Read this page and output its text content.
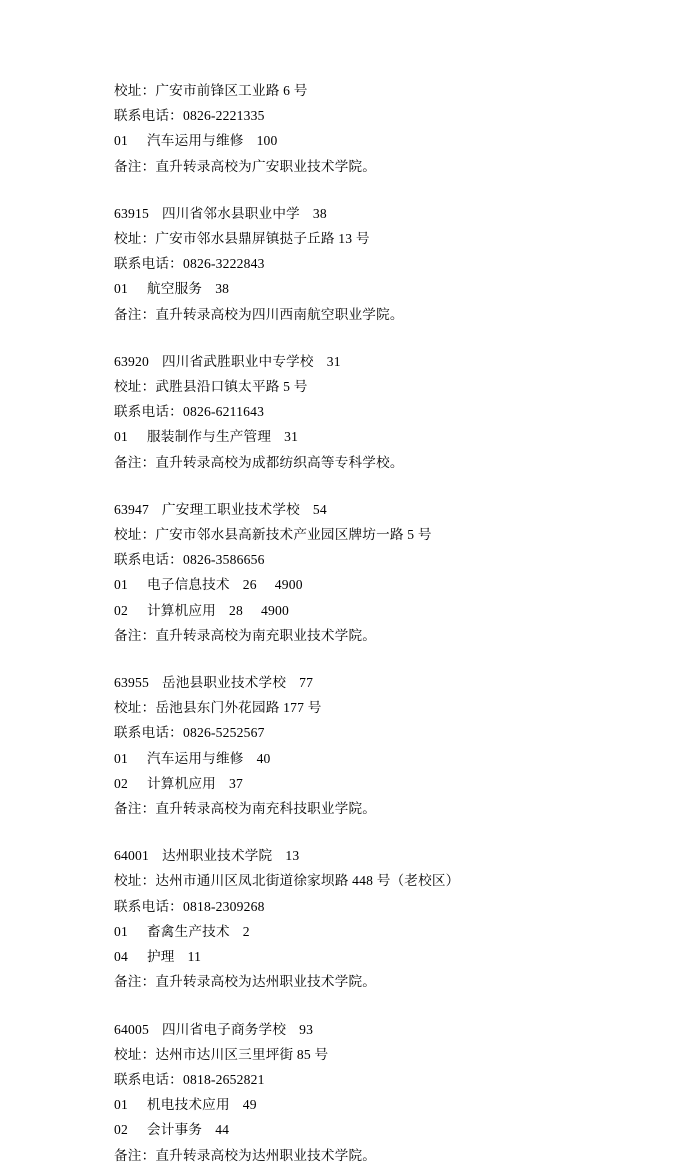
校址：广安市前锋区工业路 6 号
联系电话：0826-2221335
01 汽车运用与维修 100
备注：直升转录高校为广安职业技术学院。
63915 四川省邻水县职业中学 38
校址：广安市邻水县鼎屏镇挞子丘路 13 号
联系电话：0826-3222843
01 航空服务 38
备注：直升转录高校为四川西南航空职业学院。
63920 四川省武胜职业中专学校 31
校址：武胜县沿口镇太平路 5 号
联系电话：0826-6211643
01 服装制作与生产管理 31
备注：直升转录高校为成都纺织高等专科学校。
63947 广安理工职业技术学校 54
校址：广安市邻水县高新技术产业园区牌坊一路 5 号
联系电话：0826-3586656
01 电子信息技术 26 4900
02 计算机应用 28 4900
备注：直升转录高校为南充职业技术学院。
63955 岳池县职业技术学校 77
校址：岳池县东门外花园路 177 号
联系电话：0826-5252567
01 汽车运用与维修 40
02 计算机应用 37
备注：直升转录高校为南充科技职业学院。
64001 达州职业技术学院 13
校址：达州市通川区凤北街道徐家坝路 448 号（老校区）
联系电话：0818-2309268
01 畜禽生产技术 2
04 护理 11
备注：直升转录高校为达州职业技术学院。
64005 四川省电子商务学校 93
校址：达州市达川区三里坪街 85 号
联系电话：0818-2652821
01 机电技术应用 49
02 会计事务 44
备注：直升转录高校为达州职业技术学院。
